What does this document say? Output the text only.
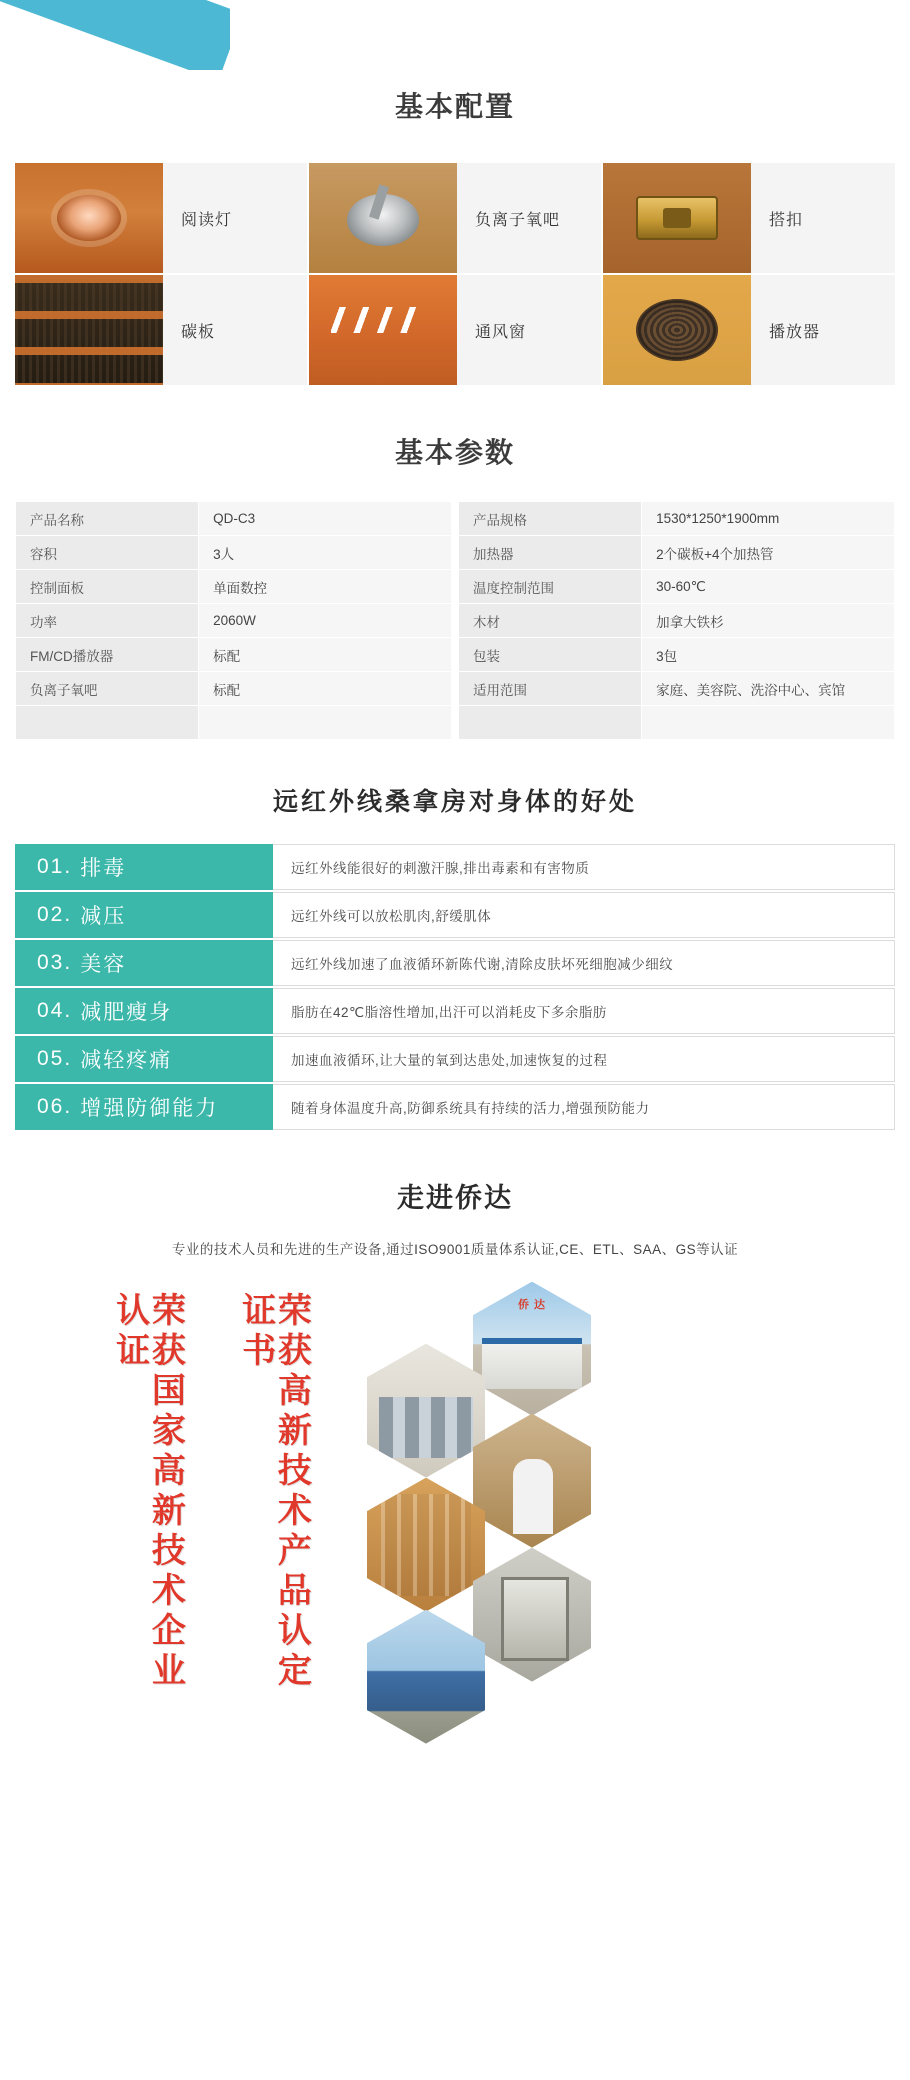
基本配置
阅读灯	负离子氧吧	搭扣
碳板	通风窗	播放器
基本参数
产品名称	QD-C3
容积	3人
控制面板	单面数控
功率	2060W
FM/CD播放器	标配
负离子氧吧	标配

产品规格	1530*1250*1900mm
加热器	2个碳板+4个加热管
温度控制范围	30-60℃
木材	加拿大铁杉
包装	3包
适用范围	家庭、美容院、洗浴中心、宾馆

远红外线桑拿房对身体的好处
01. 排毒	远红外线能很好的刺激汗腺,排出毒素和有害物质
02. 减压	远红外线可以放松肌肉,舒缓肌体
03. 美容	远红外线加速了血液循环新陈代谢,清除皮肤坏死细胞减少细纹
04. 减肥瘦身	脂肪在42℃脂溶性增加,出汗可以消耗皮下多余脂肪
05. 减轻疼痛	加速血液循环,让大量的氧到达患处,加速恢复的过程
06. 增强防御能力	随着身体温度升高,防御系统具有持续的活力,增强预防能力
走进侨达
专业的技术人员和先进的生产设备,通过ISO9001质量体系认证,CE、ETL、SAA、GS等认证
荣获国家高新技术企业认证	荣获高新技术产品认定证书	侨 达
